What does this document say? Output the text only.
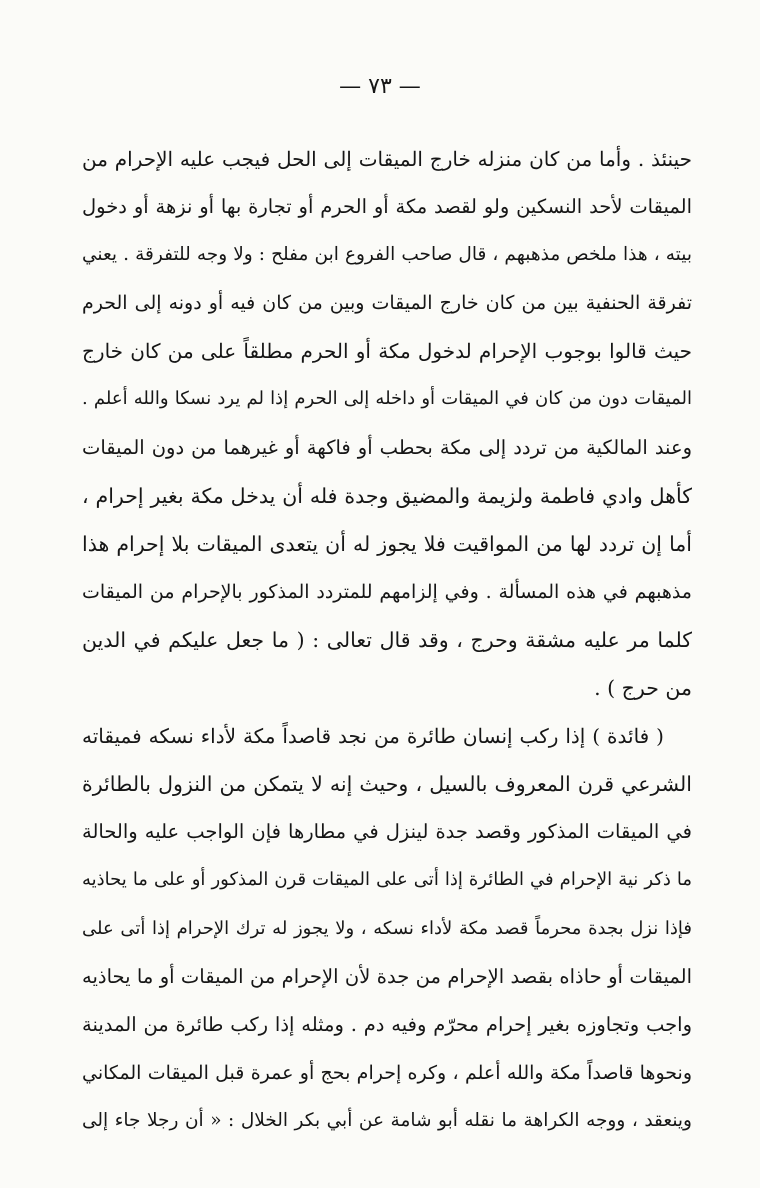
— ٧٣ —
حينئذ . وأما من كان منزله خارج الميقات إلى الحل فيجب عليه الإحرام من
الميقات لأحد النسكين ولو لقصد مكة أو الحرم أو تجارة بها أو نزهة أو دخول
بيته ، هذا ملخص مذهبهم ، قال صاحب الفروع ابن مفلح : ولا وجه للتفرقة . يعني
تفرقة الحنفية بين من كان خارج الميقات وبين من كان فيه أو دونه إلى الحرم
حيث قالوا بوجوب الإحرام لدخول مكة أو الحرم مطلقاً على من كان خارج
الميقات دون من كان في الميقات أو داخله إلى الحرم إذا لم يرد نسكا والله أعلم .
وعند المالكية من تردد إلى مكة بحطب أو فاكهة أو غيرهما من دون الميقات
كأهل وادي فاطمة ولزيمة والمضيق وجدة فله أن يدخل مكة بغير إحرام ،
أما إن تردد لها من المواقيت فلا يجوز له أن يتعدى الميقات بلا إحرام هذا
مذهبهم في هذه المسألة . وفي إلزامهم للمتردد المذكور بالإحرام من الميقات
كلما مر عليه مشقة وحرج ، وقد قال تعالى : ( ما جعل عليكم في الدين
من حرج ) .
( فائدة ) إذا ركب إنسان طائرة من نجد قاصداً مكة لأداء نسكه فميقاته
الشرعي قرن المعروف بالسيل ، وحيث إنه لا يتمكن من النزول بالطائرة
في الميقات المذكور وقصد جدة لينزل في مطارها فإن الواجب عليه والحالة
ما ذكر نية الإحرام في الطائرة إذا أتى على الميقات قرن المذكور أو على ما يحاذيه
فإذا نزل بجدة محرماً قصد مكة لأداء نسكه ، ولا يجوز له ترك الإحرام إذا أتى على
الميقات أو حاذاه بقصد الإحرام من جدة لأن الإحرام من الميقات أو ما يحاذيه
واجب وتجاوزه بغير إحرام محرّم وفيه دم . ومثله إذا ركب طائرة من المدينة
ونحوها قاصداً مكة والله أعلم ، وكره إحرام بحج أو عمرة قبل الميقات المكاني
وينعقد ، ووجه الكراهة ما نقله أبو شامة عن أبي بكر الخلال : « أن رجلا جاء إلى
